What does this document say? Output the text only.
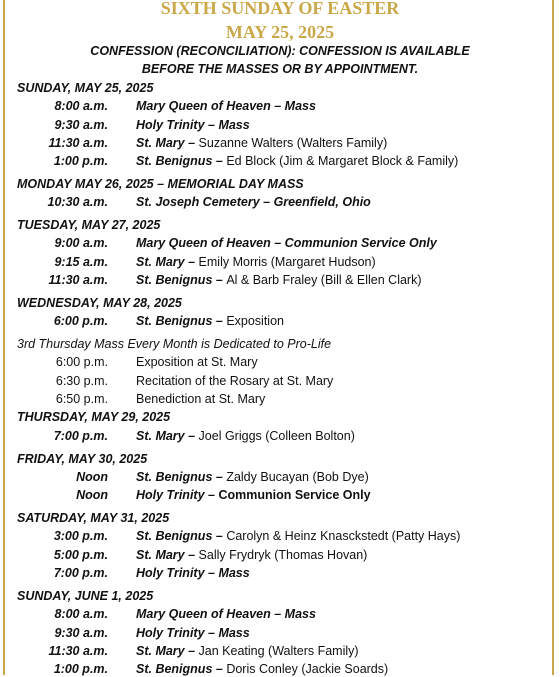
SIXTH SUNDAY OF EASTER
MAY 25, 2025
CONFESSION (RECONCILIATION): CONFESSION IS AVAILABLE
BEFORE THE MASSES OR BY APPOINTMENT.
SUNDAY, MAY 25, 2025
8:00 a.m. Mary Queen of Heaven – Mass
9:30 a.m. Holy Trinity – Mass
11:30 a.m. St. Mary – Suzanne Walters (Walters Family)
1:00 p.m. St. Benignus – Ed Block (Jim & Margaret Block & Family)
MONDAY MAY 26, 2025 – MEMORIAL DAY MASS
10:30 a.m. St. Joseph Cemetery – Greenfield, Ohio
TUESDAY, MAY 27, 2025
9:00 a.m. Mary Queen of Heaven – Communion Service Only
9:15 a.m. St. Mary – Emily Morris (Margaret Hudson)
11:30 a.m. St. Benignus – Al & Barb Fraley (Bill & Ellen Clark)
WEDNESDAY, MAY 28, 2025
6:00 p.m. St. Benignus – Exposition
3rd Thursday Mass Every Month is Dedicated to Pro-Life
6:00 p.m. Exposition at St. Mary
6:30 p.m. Recitation of the Rosary at St. Mary
6:50 p.m. Benediction at St. Mary
THURSDAY, MAY 29, 2025
7:00 p.m. St. Mary – Joel Griggs (Colleen Bolton)
FRIDAY, MAY 30, 2025
Noon St. Benignus – Zaldy Bucayan (Bob Dye)
Noon Holy Trinity – Communion Service Only
SATURDAY, MAY 31, 2025
3:00 p.m. St. Benignus – Carolyn & Heinz Knasckstedt (Patty Hays)
5:00 p.m. St. Mary – Sally Frydryk (Thomas Hovan)
7:00 p.m. Holy Trinity – Mass
SUNDAY, JUNE 1, 2025
8:00 a.m. Mary Queen of Heaven – Mass
9:30 a.m. Holy Trinity – Mass
11:30 a.m. St. Mary – Jan Keating (Walters Family)
1:00 p.m. St. Benignus – Doris Conley (Jackie Soards)
